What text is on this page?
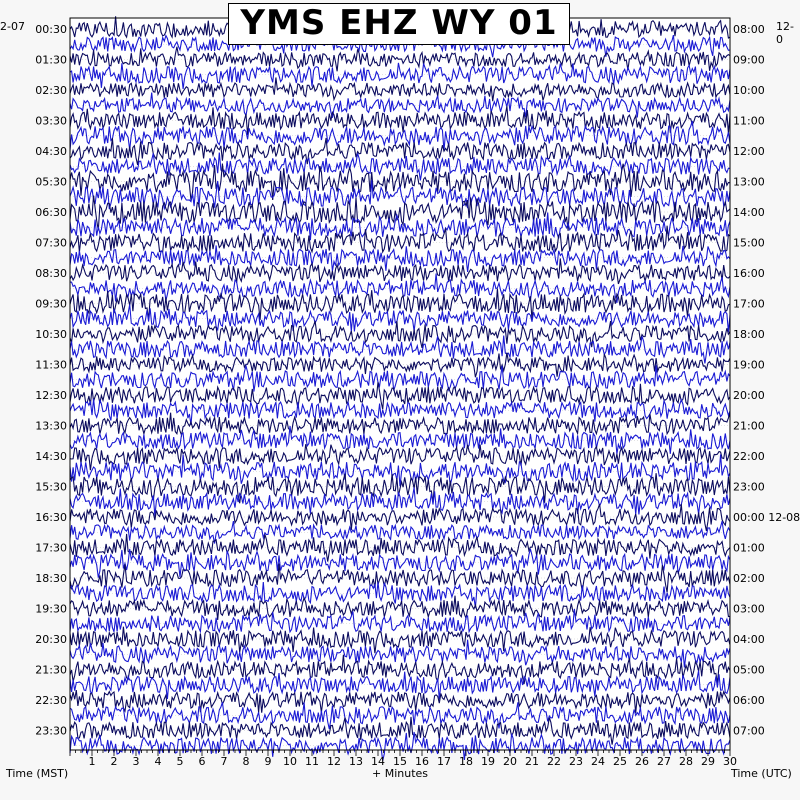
1 2 3 4 5 6 7 8 9 10 11 12 13 14 15 16 17 18 19 20 21 22 23 24 25 26 27 28 29 30
00:30
01:30
02:30
03:30
04:30
05:30
06:30
07:30
08:30
09:30
10:30
11:30
12:30
13:30
14:30
15:30
16:30
17:30
18:30
19:30
20:30
21:30
22:30
23:30
08:00
09:00
10:00
11:00
12:00
13:00
14:00
15:00
16:00
17:00
18:00
19:00
20:00
21:00
22:00
23:00
00:00 12-08
01:00
02:00
03:00
04:00
05:00
06:00
07:00
YMS EHZ WY 01
2-07	12-0
Time (MST)	+ Minutes	Time (UTC)
